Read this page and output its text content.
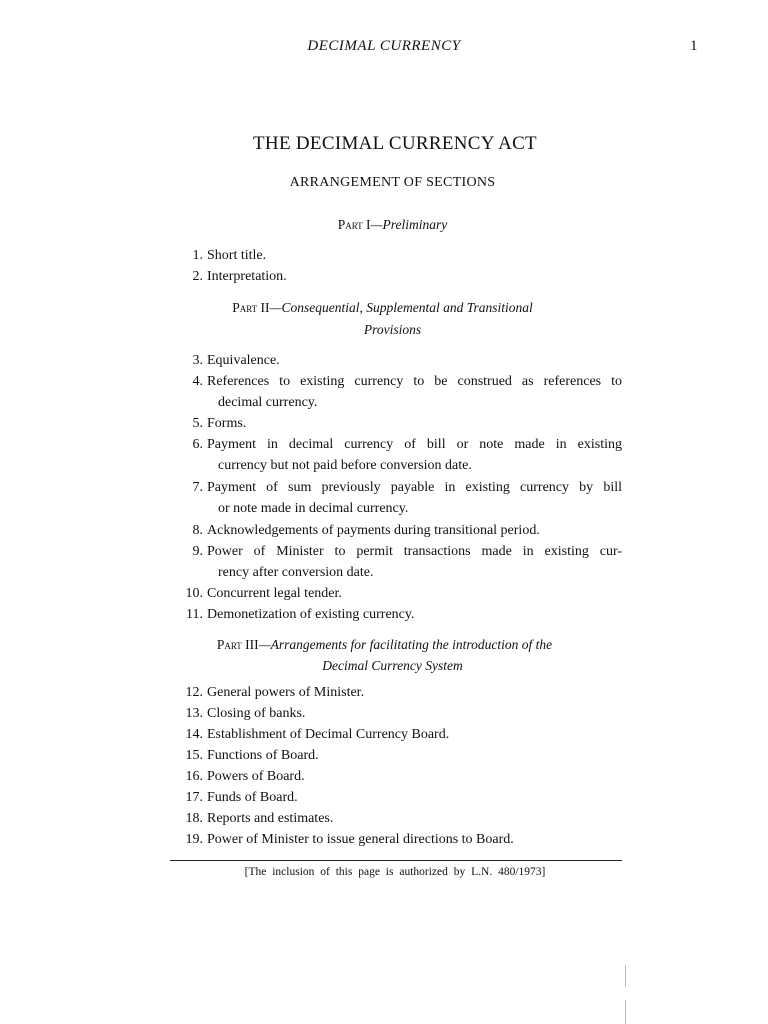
DECIMAL CURRENCY	1
THE DECIMAL CURRENCY ACT
ARRANGEMENT OF SECTIONS
Part I—Preliminary
1. Short title.
2. Interpretation.
Part II—Consequential, Supplemental and Transitional
Provisions
3. Equivalence.
4. References to existing currency to be construed as references to
decimal currency.
5. Forms.
6. Payment in decimal currency of bill or note made in existing
currency but not paid before conversion date.
7. Payment of sum previously payable in existing currency by bill
or note made in decimal currency.
8. Acknowledgements of payments during transitional period.
9. Power of Minister to permit transactions made in existing cur-
rency after conversion date.
10. Concurrent legal tender.
11. Demonetization of existing currency.
Part III—Arrangements for facilitating the introduction of the
Decimal Currency System
12. General powers of Minister.
13. Closing of banks.
14. Establishment of Decimal Currency Board.
15. Functions of Board.
16. Powers of Board.
17. Funds of Board.
18. Reports and estimates.
19. Power of Minister to issue general directions to Board.
[The inclusion of this page is authorized by L.N. 480/1973]
